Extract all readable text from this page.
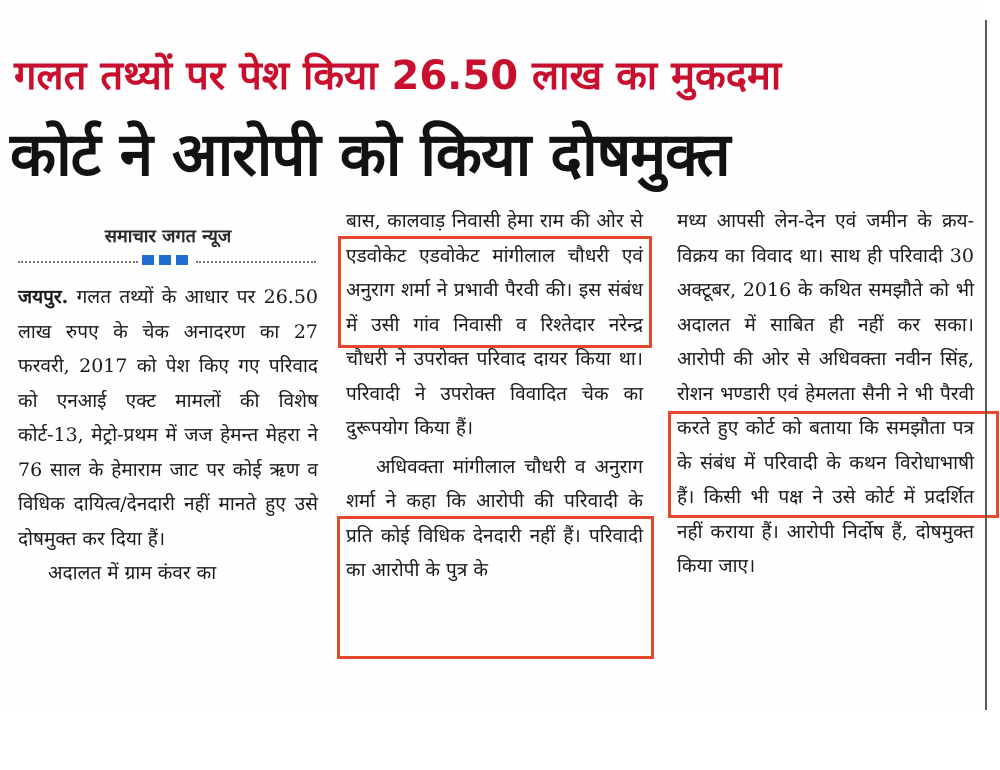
गलत तथ्यों पर पेश किया 26.50 लाख का मुकदमा
कोर्ट ने आरोपी को किया दोषमुक्त
समाचार जगत न्यूज

जयपुर. गलत तथ्यों के आधार पर 26.50 लाख रुपए के चेक अनादरण का 27 फरवरी, 2017 को पेश किए गए परिवाद को एनआई एक्ट मामलों की विशेष कोर्ट-13, मेट्रो-प्रथम में जज हेमन्त मेहरा ने 76 साल के हेमाराम जाट पर कोई ऋण व विधिक दायित्व/देनदारी नहीं मानते हुए उसे दोषमुक्त कर दिया हैं।

अदालत में ग्राम कंवर का

बास, कालवाड़ निवासी हेमा राम की ओर से एडवोकेट एडवोकेट मांगीलाल चौधरी एवं अनुराग शर्मा ने प्रभावी पैरवी की। इस संबंध में उसी गांव निवासी व रिश्तेदार नरेन्द्र चौधरी ने उपरोक्त परिवाद दायर किया था। परिवादी ने उपरोक्त विवादित चेक का दुरूपयोग किया हैं।

अधिवक्ता मांगीलाल चौधरी व अनुराग शर्मा ने कहा कि आरोपी की परिवादी के प्रति कोई विधिक देनदारी नहीं हैं। परिवादी का आरोपी के पुत्र के

मध्य आपसी लेन-देन एवं जमीन के क्रय-विक्रय का विवाद था। साथ ही परिवादी 30 अक्टूबर, 2016 के कथित समझौते को भी अदालत में साबित ही नहीं कर सका। आरोपी की ओर से अधिवक्ता नवीन सिंह, रोशन भण्डारी एवं हेमलता सैनी ने भी पैरवी करते हुए कोर्ट को बताया कि समझौता पत्र के संबंध में परिवादी के कथन विरोधाभाषी हैं। किसी भी पक्ष ने उसे कोर्ट में प्रदर्शित नहीं कराया हैं। आरोपी निर्दोष हैं, दोषमुक्त किया जाए।
